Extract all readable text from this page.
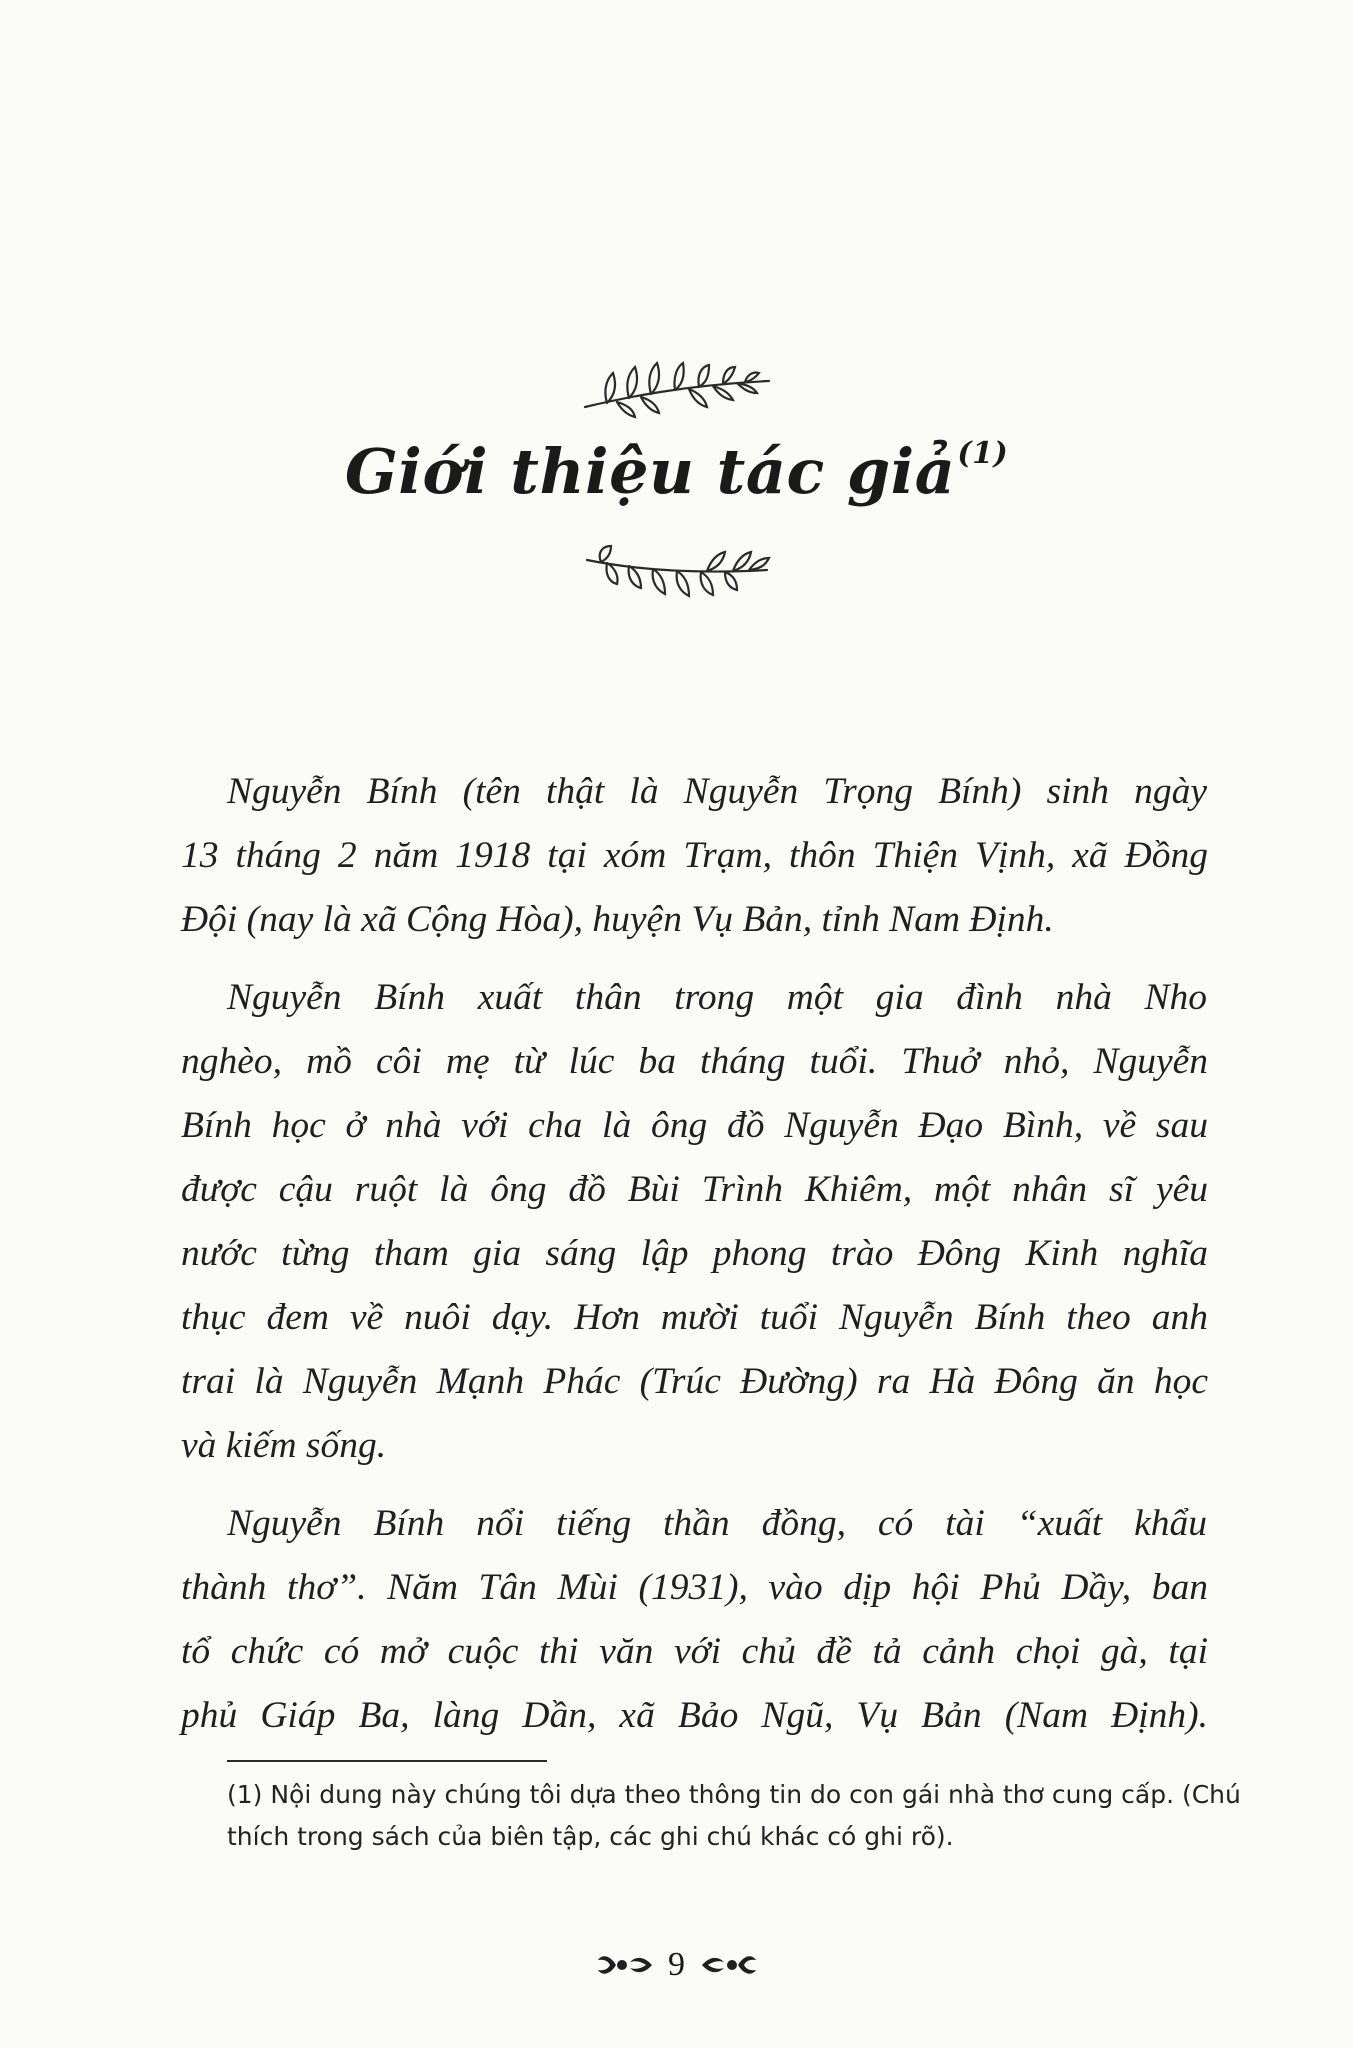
Giới thiệu tác giả$^{(1)}$
Nguyễn Bính (tên thật là Nguyễn Trọng Bính) sinh ngày
13 tháng 2 năm 1918 tại xóm Trạm, thôn Thiện Vịnh, xã Đồng
Đội (nay là xã Cộng Hòa), huyện Vụ Bản, tỉnh Nam Định.
Nguyễn Bính xuất thân trong một gia đình nhà Nho
nghèo, mồ côi mẹ từ lúc ba tháng tuổi. Thuở nhỏ, Nguyễn
Bính học ở nhà với cha là ông đồ Nguyễn Đạo Bình, về sau
được cậu ruột là ông đồ Bùi Trình Khiêm, một nhân sĩ yêu
nước từng tham gia sáng lập phong trào Đông Kinh nghĩa
thục đem về nuôi dạy. Hơn mười tuổi Nguyễn Bính theo anh
trai là Nguyễn Mạnh Phác (Trúc Đường) ra Hà Đông ăn học
và kiếm sống.
Nguyễn Bính nổi tiếng thần đồng, có tài “xuất khẩu
thành thơ”. Năm Tân Mùi (1931), vào dịp hội Phủ Dầy, ban
tổ chức có mở cuộc thi văn với chủ đề tả cảnh chọi gà, tại
phủ Giáp Ba, làng Dần, xã Bảo Ngũ, Vụ Bản (Nam Định).
(1) Nội dung này chúng tôi dựa theo thông tin do con gái nhà thơ cung cấp. (Chú
thích trong sách của biên tập, các ghi chú khác có ghi rõ).
9
